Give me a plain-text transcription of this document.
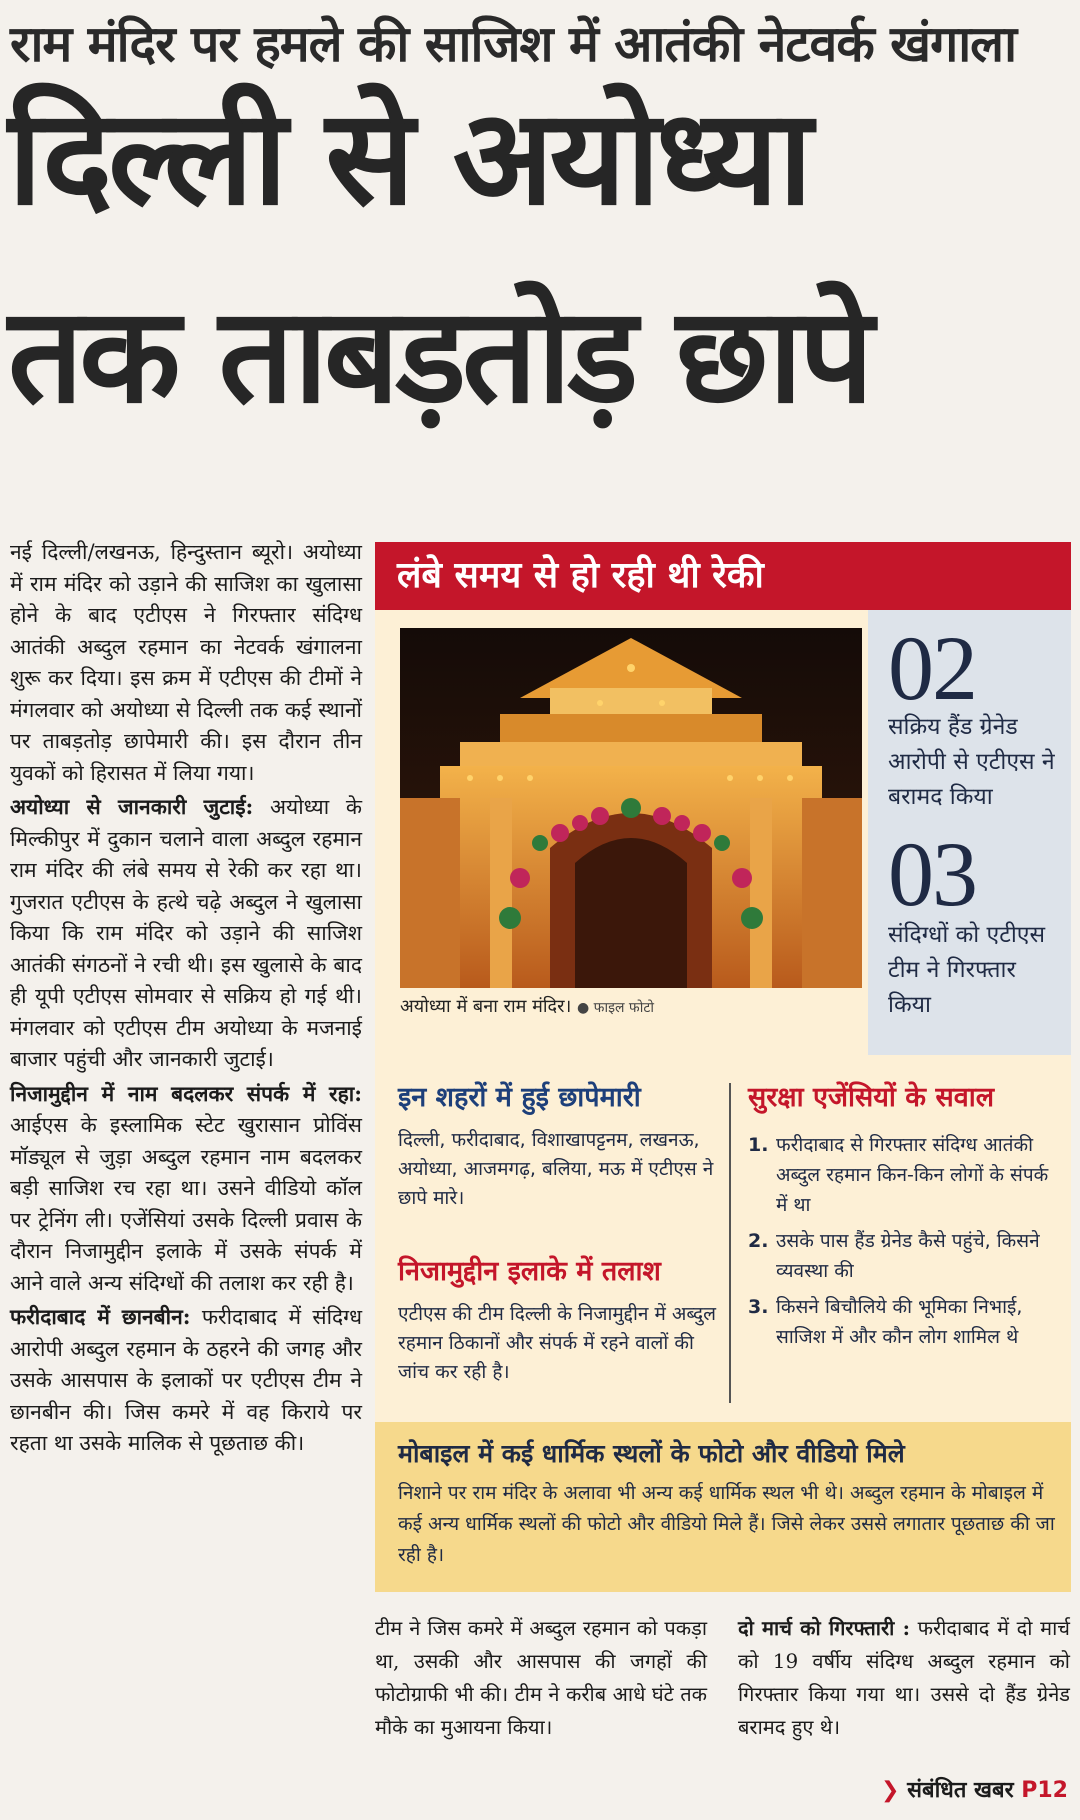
राम मंदिर पर हमले की साजिश में आतंकी नेटवर्क खंगाला
दिल्ली से अयोध्या
तक ताबड़तोड़ छापे

नई दिल्ली/लखनऊ, हिन्दुस्तान ब्यूरो। अयोध्या में राम मंदिर को उड़ाने की साजिश का खुलासा होने के बाद एटीएस ने गिरफ्तार संदिग्ध आतंकी अब्दुल रहमान का नेटवर्क खंगालना शुरू कर दिया। इस क्रम में एटीएस की टीमों ने मंगलवार को अयोध्या से दिल्ली तक कई स्थानों पर ताबड़तोड़ छापेमारी की। इस दौरान तीन युवकों को हिरासत में लिया गया।

अयोध्या से जानकारी जुटाई: अयोध्या के मिल्कीपुर में दुकान चलाने वाला अब्दुल रहमान राम मंदिर की लंबे समय से रेकी कर रहा था। गुजरात एटीएस के हत्थे चढ़े अब्दुल ने खुलासा किया कि राम मंदिर को उड़ाने की साजिश आतंकी संगठनों ने रची थी। इस खुलासे के बाद ही यूपी एटीएस सोमवार से सक्रिय हो गई थी। मंगलवार को एटीएस टीम अयोध्या के मजनाई बाजार पहुंची और जानकारी जुटाई।

निजामुद्दीन में नाम बदलकर संपर्क में रहा: आईएस के इस्लामिक स्टेट खुरासान प्रोविंस मॉड्यूल से जुड़ा अब्दुल रहमान नाम बदलकर बड़ी साजिश रच रहा था। उसने वीडियो कॉल पर ट्रेनिंग ली। एजेंसियां उसके दिल्ली प्रवास के दौरान निजामुद्दीन इलाके में उसके संपर्क में आने वाले अन्य संदिग्धों की तलाश कर रही है।

फरीदाबाद में छानबीन: फरीदाबाद में संदिग्ध आरोपी अब्दुल रहमान के ठहरने की जगह और उसके आसपास के इलाकों पर एटीएस टीम ने छानबीन की। जिस कमरे में वह किराये पर रहता था उसके मालिक से पूछताछ की।

लंबे समय से हो रही थी रेकी
अयोध्या में बना राम मंदिर। ● फाइल फोटो
02
सक्रिय हैंड ग्रेनेड आरोपी से एटीएस ने बरामद किया
03
संदिग्धों को एटीएस टीम ने गिरफ्तार किया
इन शहरों में हुई छापेमारी
दिल्ली, फरीदाबाद, विशाखापट्टनम, लखनऊ, अयोध्या, आजमगढ़, बलिया, मऊ में एटीएस ने छापे मारे।
निजामुद्दीन इलाके में तलाश
एटीएस की टीम दिल्ली के निजामुद्दीन में अब्दुल रहमान ठिकानों और संपर्क में रहने वालों की जांच कर रही है।
सुरक्षा एजेंसियों के सवाल
1. फरीदाबाद से गिरफ्तार संदिग्ध आतंकी अब्दुल रहमान किन-किन लोगों के संपर्क में था
2. उसके पास हैंड ग्रेनेड कैसे पहुंचे, किसने व्यवस्था की
3. किसने बिचौलिये की भूमिका निभाई, साजिश में और कौन लोग शामिल थे
मोबाइल में कई धार्मिक स्थलों के फोटो और वीडियो मिले
निशाने पर राम मंदिर के अलावा भी अन्य कई धार्मिक स्थल भी थे। अब्दुल रहमान के मोबाइल में कई अन्य धार्मिक स्थलों की फोटो और वीडियो मिले हैं। जिसे लेकर उससे लगातार पूछताछ की जा रही है।
टीम ने जिस कमरे में अब्दुल रहमान को पकड़ा था, उसकी और आसपास की जगहों की फोटोग्राफी भी की। टीम ने करीब आधे घंटे तक मौके का मुआयना किया।

दो मार्च को गिरफ्तारी : फरीदाबाद में दो मार्च को 19 वर्षीय संदिग्ध अब्दुल रहमान को गिरफ्तार किया गया था। उससे दो हैंड ग्रेनेड बरामद हुए थे।

❯ संबंधित खबर P12
